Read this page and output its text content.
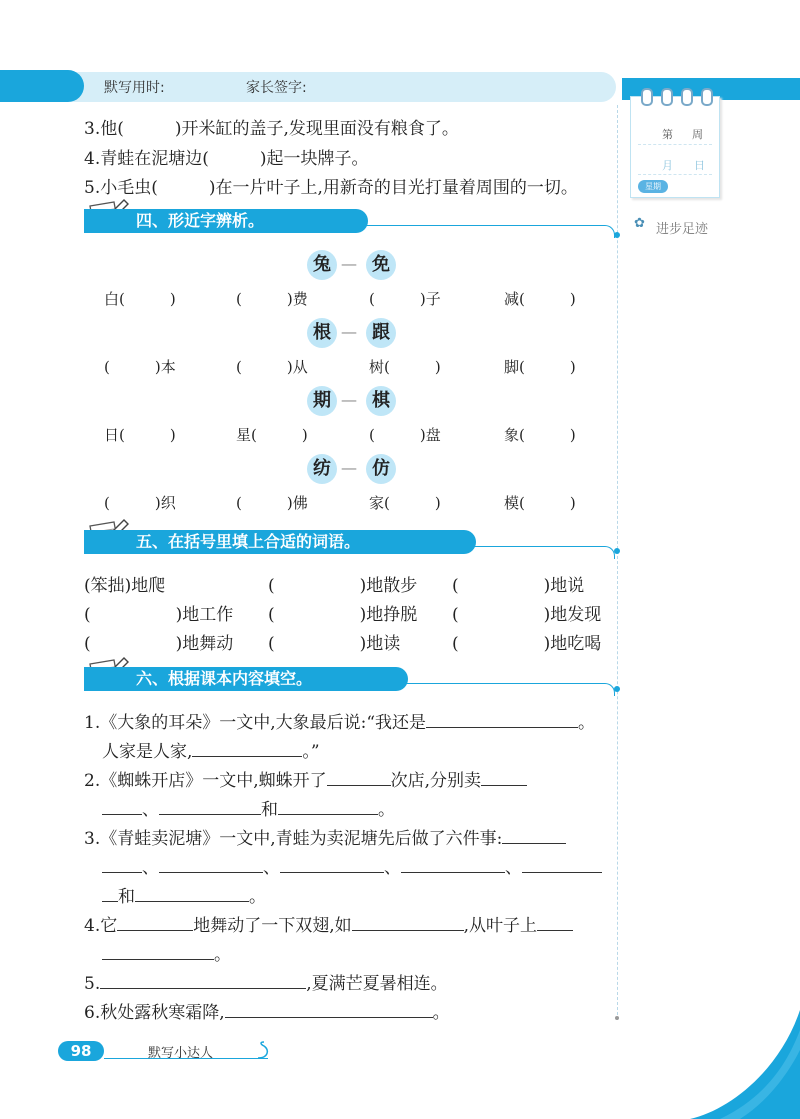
默写用时:	家长签字:
第 周
月 日
星期
✿ 进步足迹
3.他(　　　)开米缸的盖子,发现里面没有粮食了。
4.青蛙在泥塘边(　　　)起一块牌子。
5.小毛虫(　　　)在一片叶子上,用新奇的目光打量着周围的一切。
四、形近字辨析。
兔 — 免
白(　　　)	(　　　)费	(　　　)子	减(　　　)
根 — 跟
(　　　)本	(　　　)从	树(　　　)	脚(　　　)
期 — 棋
日(　　　)	星(　　　)	(　　　)盘	象(　　　)
纺 — 仿
(　　　)织	(　　　)佛	家(　　　)	模(　　　)
五、在括号里填上合适的词语。
(笨拙)地爬	(　　　　　)地散步 (　　　　　)地说
(　　　　　)地工作 (　　　　　)地挣脱 (　　　　　)地发现
(　　　　　)地舞动 (　　　　　)地读	(　　　　　)地吃喝
六、根据课本内容填空。
1.《大象的耳朵》一文中,大象最后说:“我还是	。
人家是人家,	。”
2.《蜘蛛开店》一文中,蜘蛛开了	次店,分别卖
、	和	。
3.《青蛙卖泥塘》一文中,青蛙为卖泥塘先后做了六件事:
、	、	、	、
和	。
4.它	地舞动了一下双翅,如	,从叶子上
。
5.	,夏满芒夏暑相连。
6.秋处露秋寒霜降,	。
98	默写小达人
